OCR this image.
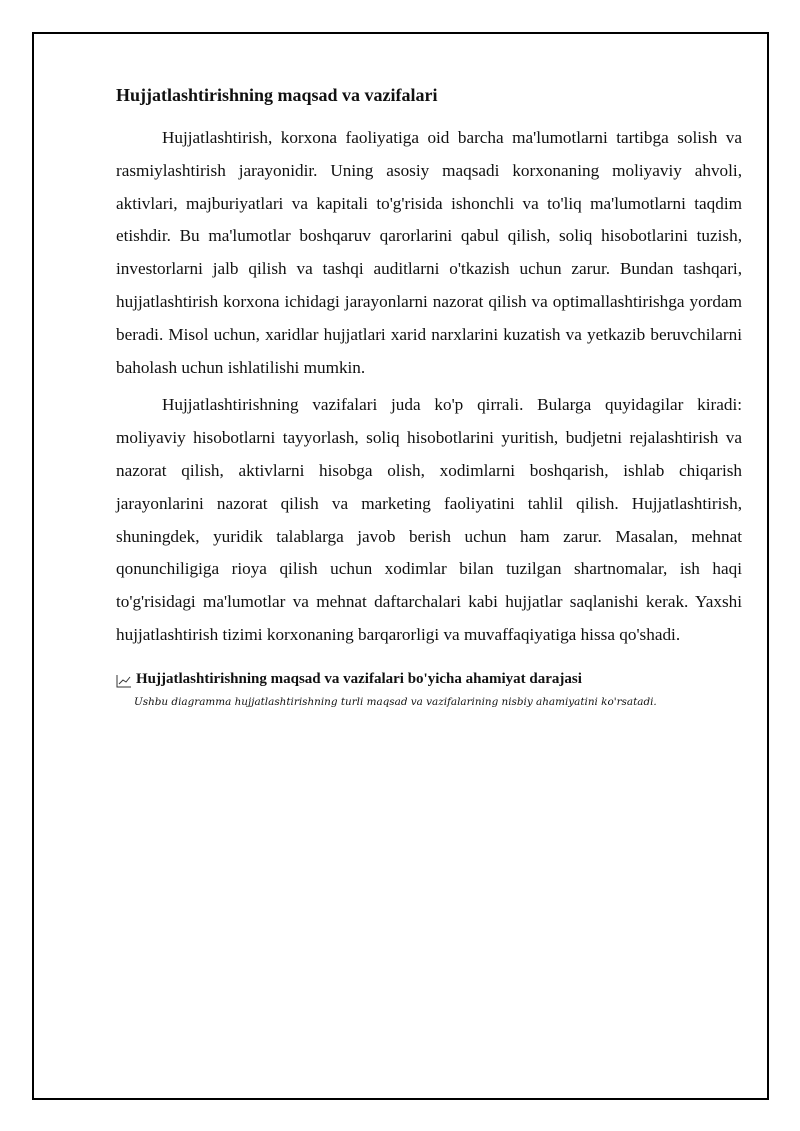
Hujjatlashtirishning maqsad va vazifalari

Hujjatlashtirish, korxona faoliyatiga oid barcha ma'lumotlarni tartibga solish va rasmiylashtirish jarayonidir. Uning asosiy maqsadi korxonaning moliyaviy ahvoli, aktivlari, majburiyatlari va kapitali to'g'risida ishonchli va to'liq ma'lumotlarni taqdim etishdir. Bu ma'lumotlar boshqaruv qarorlarini qabul qilish, soliq hisobotlarini tuzish, investorlarni jalb qilish va tashqi auditlarni o'tkazish uchun zarur. Bundan tashqari, hujjatlashtirish korxona ichidagi jarayonlarni nazorat qilish va optimallashtirishga yordam beradi. Misol uchun, xaridlar hujjatlari xarid narxlarini kuzatish va yetkazib beruvchilarni baholash uchun ishlatilishi mumkin.

Hujjatlashtirishning vazifalari juda ko'p qirrali. Bularga quyidagilar kiradi: moliyaviy hisobotlarni tayyorlash, soliq hisobotlarini yuritish, budjetni rejalashtirish va nazorat qilish, aktivlarni hisobga olish, xodimlarni boshqarish, ishlab chiqarish jarayonlarini nazorat qilish va marketing faoliyatini tahlil qilish. Hujjatlashtirish, shuningdek, yuridik talablarga javob berish uchun ham zarur. Masalan, mehnat qonunchiligiga rioya qilish uchun xodimlar bilan tuzilgan shartnomalar, ish haqi to'g'risidagi ma'lumotlar va mehnat daftarchalari kabi hujjatlar saqlanishi kerak. Yaxshi hujjatlashtirish tizimi korxonaning barqarorligi va muvaffaqiyatiga hissa qo'shadi.

Hujjatlashtirishning maqsad va vazifalari bo'yicha ahamiyat darajasi
Ushbu diagramma hujjatlashtirishning turli maqsad va vazifalarining nisbiy ahamiyatini ko'rsatadi.
